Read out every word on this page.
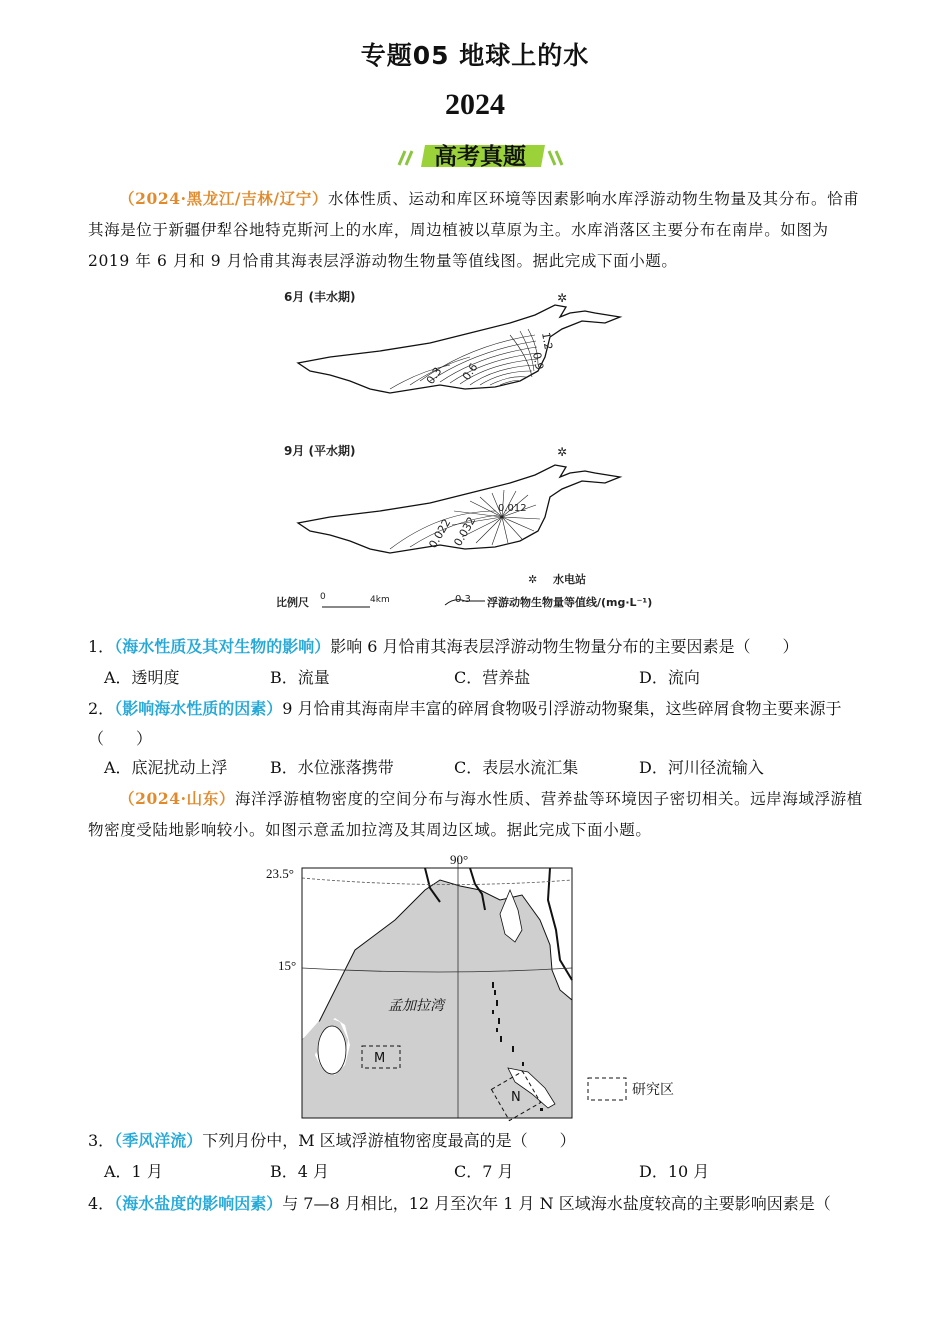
专题05 地球上的水
2024
高考真题
（2024·黑龙江/吉林/辽宁）水体性质、运动和库区环境等因素影响水库浮游动物生物量及其分布。恰甫其海是位于新疆伊犁谷地特克斯河上的水库，周边植被以草原为主。水库消落区主要分布在南岸。如图为 2019 年 6 月和 9 月恰甫其海表层浮游动物生物量等值线图。据此完成下面小题。
6月 (丰水期)	✲
0.3 0.6	0.9
1.2
9月 (平水期)	✲
0.022
0.032
0.012
✲ 水电站
比例尺 0	4km	0.3 浮游动物生物量等值线/(mg·L⁻¹)
1．（海水性质及其对生物的影响）影响 6 月恰甫其海表层浮游动物生物量分布的主要因素是（　　）
A．透明度	B．流量	C．营养盐	D．流向
2．（影响海水性质的因素）9 月恰甫其海南岸丰富的碎屑食物吸引浮游动物聚集，这些碎屑食物主要来源于（　　）
A．底泥扰动上浮	B．水位涨落携带	C．表层水流汇集	D．河川径流输入
（2024·山东）海洋浮游植物密度的空间分布与海水性质、营养盐等环境因子密切相关。远岸海域浮游植物密度受陆地影响较小。如图示意孟加拉湾及其周边区域。据此完成下面小题。
23.5°
15°
90°
孟加拉湾
M
N	研究区
3．（季风洋流）下列月份中，M 区域浮游植物密度最高的是（　　）
A．1 月	B．4 月	C．7 月	D．10 月
4．（海水盐度的影响因素）与 7—8 月相比，12 月至次年 1 月 N 区域海水盐度较高的主要影响因素是（
